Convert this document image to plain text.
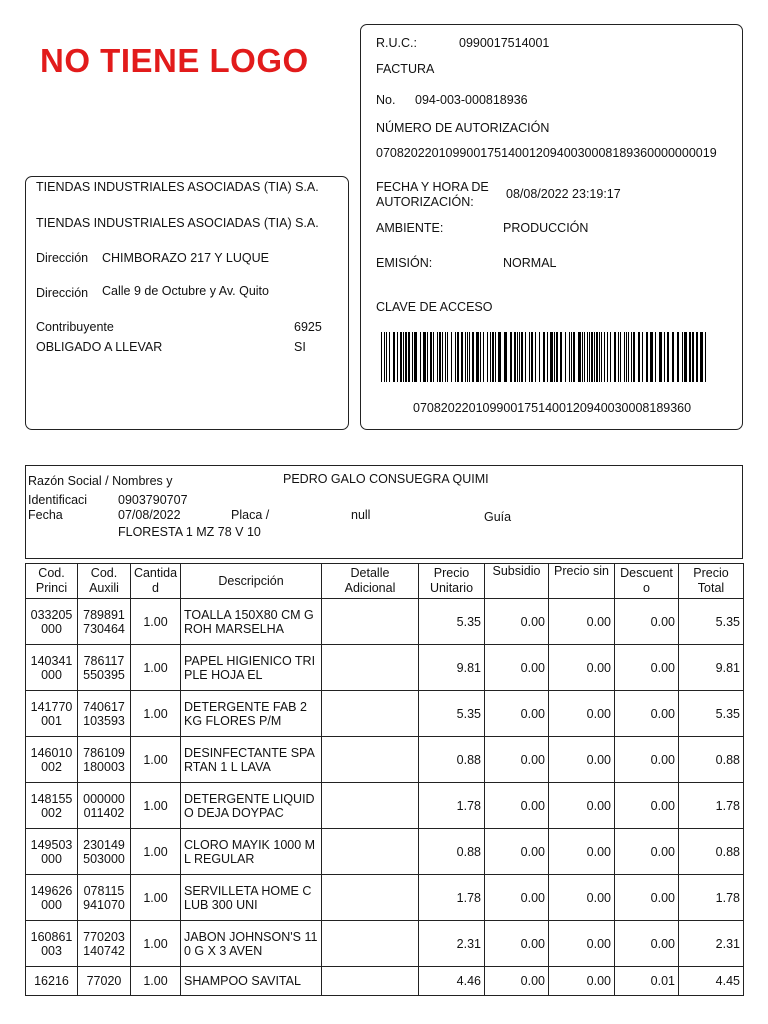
NO TIENE LOGO
TIENDAS INDUSTRIALES ASOCIADAS (TIA) S.A.
TIENDAS INDUSTRIALES ASOCIADAS (TIA) S.A.
Dirección CHIMBORAZO 217 Y LUQUE
Dirección Calle 9 de Octubre y Av. Quito
Contribuyente	6925
OBLIGADO A LLEVAR	SI
R.U.C.:	0990017514001
FACTURA
No. 094-003-000818936
NÚMERO DE AUTORIZACIÓN
0708202201099001751400120940030008189360000000019
FECHA Y HORA DE
AUTORIZACIÓN:
08/08/2022 23:19:17
AMBIENTE:	PRODUCCIÓN
EMISIÓN:	NORMAL
CLAVE DE ACCESO
0708202201099001751400120940030008189360
Razón Social / Nombres y	PEDRO GALO CONSUEGRA QUIMI
Identificaci 0903790707
Fecha	07/08/2022	Placa /	null	Guía
FLORESTA 1 MZ 78 V 10
Cod. Princi	Cod. Auxili	Cantida d	Descripción	Detalle Adicional	Precio Unitario	Subsidio	Precio sin	Descuent o	Precio Total
033205 000	789891 730464	1.00	TOALLA 150X80 CM GROH MARSELHA		5.35	0.00	0.00	0.00	5.35
140341 000	786117 550395	1.00	PAPEL HIGIENICO TRIPLE HOJA EL		9.81	0.00	0.00	0.00	9.81
141770 001	740617 103593	1.00	DETERGENTE FAB 2 KG FLORES P/M		5.35	0.00	0.00	0.00	5.35
146010 002	786109 180003	1.00	DESINFECTANTE SPARTAN 1 L LAVA		0.88	0.00	0.00	0.00	0.88
148155 002	000000 011402	1.00	DETERGENTE LIQUIDO DEJA DOYPAC		1.78	0.00	0.00	0.00	1.78
149503 000	230149 503000	1.00	CLORO MAYIK 1000 ML REGULAR		0.88	0.00	0.00	0.00	0.88
149626 000	078115 941070	1.00	SERVILLETA HOME CLUB 300 UNI		1.78	0.00	0.00	0.00	1.78
160861 003	770203 140742	1.00	JABON JOHNSON'S 110 G X 3 AVEN		2.31	0.00	0.00	0.00	2.31
16216	77020	1.00	SHAMPOO SAVITAL		4.46	0.00	0.00	0.01	4.45
